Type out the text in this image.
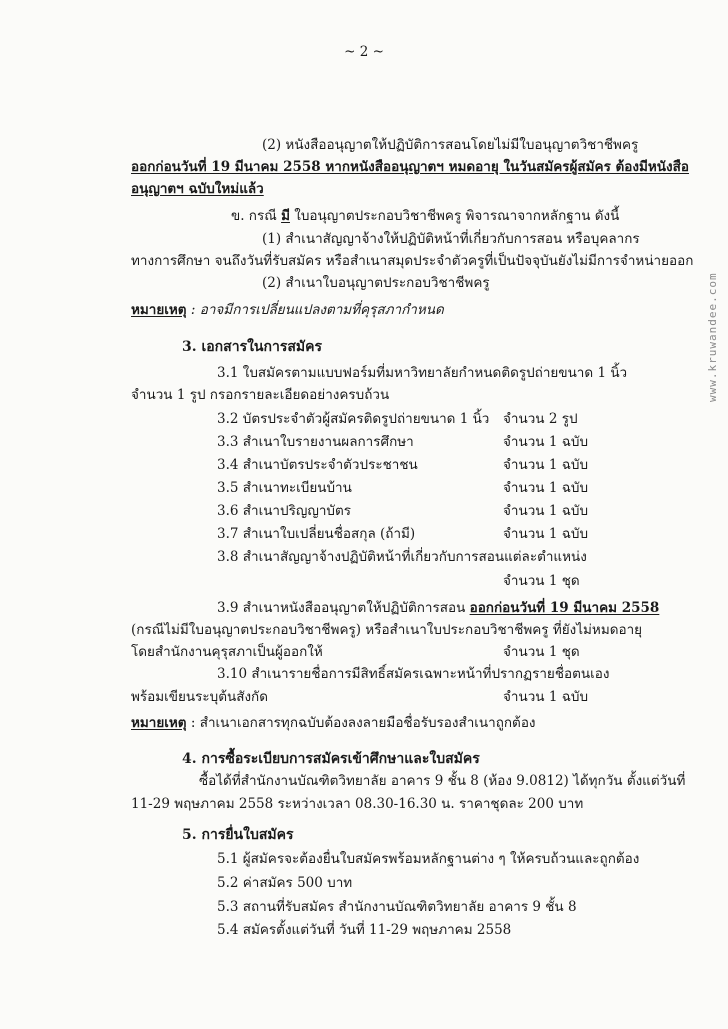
~ 2 ~
www.kruwandee.com
(2) หนังสืออนุญาตให้ปฏิบัติการสอนโดยไม่มีใบอนุญาตวิชาชีพครู
ออกก่อนวันที่ 19 มีนาคม 2558 หากหนังสืออนุญาตฯ หมดอายุ ในวันสมัครผู้สมัคร ต้องมีหนังสือ
อนุญาตฯ ฉบับใหม่แล้ว
ข. กรณี มี ใบอนุญาตประกอบวิชาชีพครู พิจารณาจากหลักฐาน ดังนี้
(1) สำเนาสัญญาจ้างให้ปฏิบัติหน้าที่เกี่ยวกับการสอน หรือบุคลากร
ทางการศึกษา จนถึงวันที่รับสมัคร หรือสำเนาสมุดประจำตัวครูที่เป็นปัจจุบันยังไม่มีการจำหน่ายออก
(2) สำเนาใบอนุญาตประกอบวิชาชีพครู
หมายเหตุ : อาจมีการเปลี่ยนแปลงตามที่คุรุสภากำหนด
3. เอกสารในการสมัคร
3.1 ใบสมัครตามแบบฟอร์มที่มหาวิทยาลัยกำหนดติดรูปถ่ายขนาด 1 นิ้ว
จำนวน 1 รูป กรอกรายละเอียดอย่างครบถ้วน
3.2 บัตรประจำตัวผู้สมัครติดรูปถ่ายขนาด 1 นิ้ว จำนวน 2 รูป
3.3 สำเนาใบรายงานผลการศึกษา	จำนวน 1 ฉบับ
3.4 สำเนาบัตรประจำตัวประชาชน	จำนวน 1 ฉบับ
3.5 สำเนาทะเบียนบ้าน	จำนวน 1 ฉบับ
3.6 สำเนาปริญญาบัตร	จำนวน 1 ฉบับ
3.7 สำเนาใบเปลี่ยนชื่อสกุล (ถ้ามี)	จำนวน 1 ฉบับ
3.8 สำเนาสัญญาจ้างปฏิบัติหน้าที่เกี่ยวกับการสอนแต่ละตำแหน่ง
จำนวน 1 ชุด
3.9 สำเนาหนังสืออนุญาตให้ปฏิบัติการสอน ออกก่อนวันที่ 19 มีนาคม 2558
(กรณีไม่มีใบอนุญาตประกอบวิชาชีพครู) หรือสำเนาใบประกอบวิชาชีพครู ที่ยังไม่หมดอายุ
โดยสำนักงานคุรุสภาเป็นผู้ออกให้	จำนวน 1 ชุด
3.10 สำเนารายชื่อการมีสิทธิ์สมัครเฉพาะหน้าที่ปรากฏรายชื่อตนเอง
พร้อมเขียนระบุต้นสังกัด	จำนวน 1 ฉบับ
หมายเหตุ : สำเนาเอกสารทุกฉบับต้องลงลายมือชื่อรับรองสำเนาถูกต้อง
4. การซื้อระเบียบการสมัครเข้าศึกษาและใบสมัคร
ซื้อได้ที่สำนักงานบัณฑิตวิทยาลัย อาคาร 9 ชั้น 8 (ห้อง 9.0812) ได้ทุกวัน ตั้งแต่วันที่
11-29 พฤษภาคม 2558 ระหว่างเวลา 08.30-16.30 น. ราคาชุดละ 200 บาท
5. การยื่นใบสมัคร
5.1 ผู้สมัครจะต้องยื่นใบสมัครพร้อมหลักฐานต่าง ๆ ให้ครบถ้วนและถูกต้อง
5.2 ค่าสมัคร 500 บาท
5.3 สถานที่รับสมัคร สำนักงานบัณฑิตวิทยาลัย อาคาร 9 ชั้น 8
5.4 สมัครตั้งแต่วันที่ วันที่ 11-29 พฤษภาคม 2558
